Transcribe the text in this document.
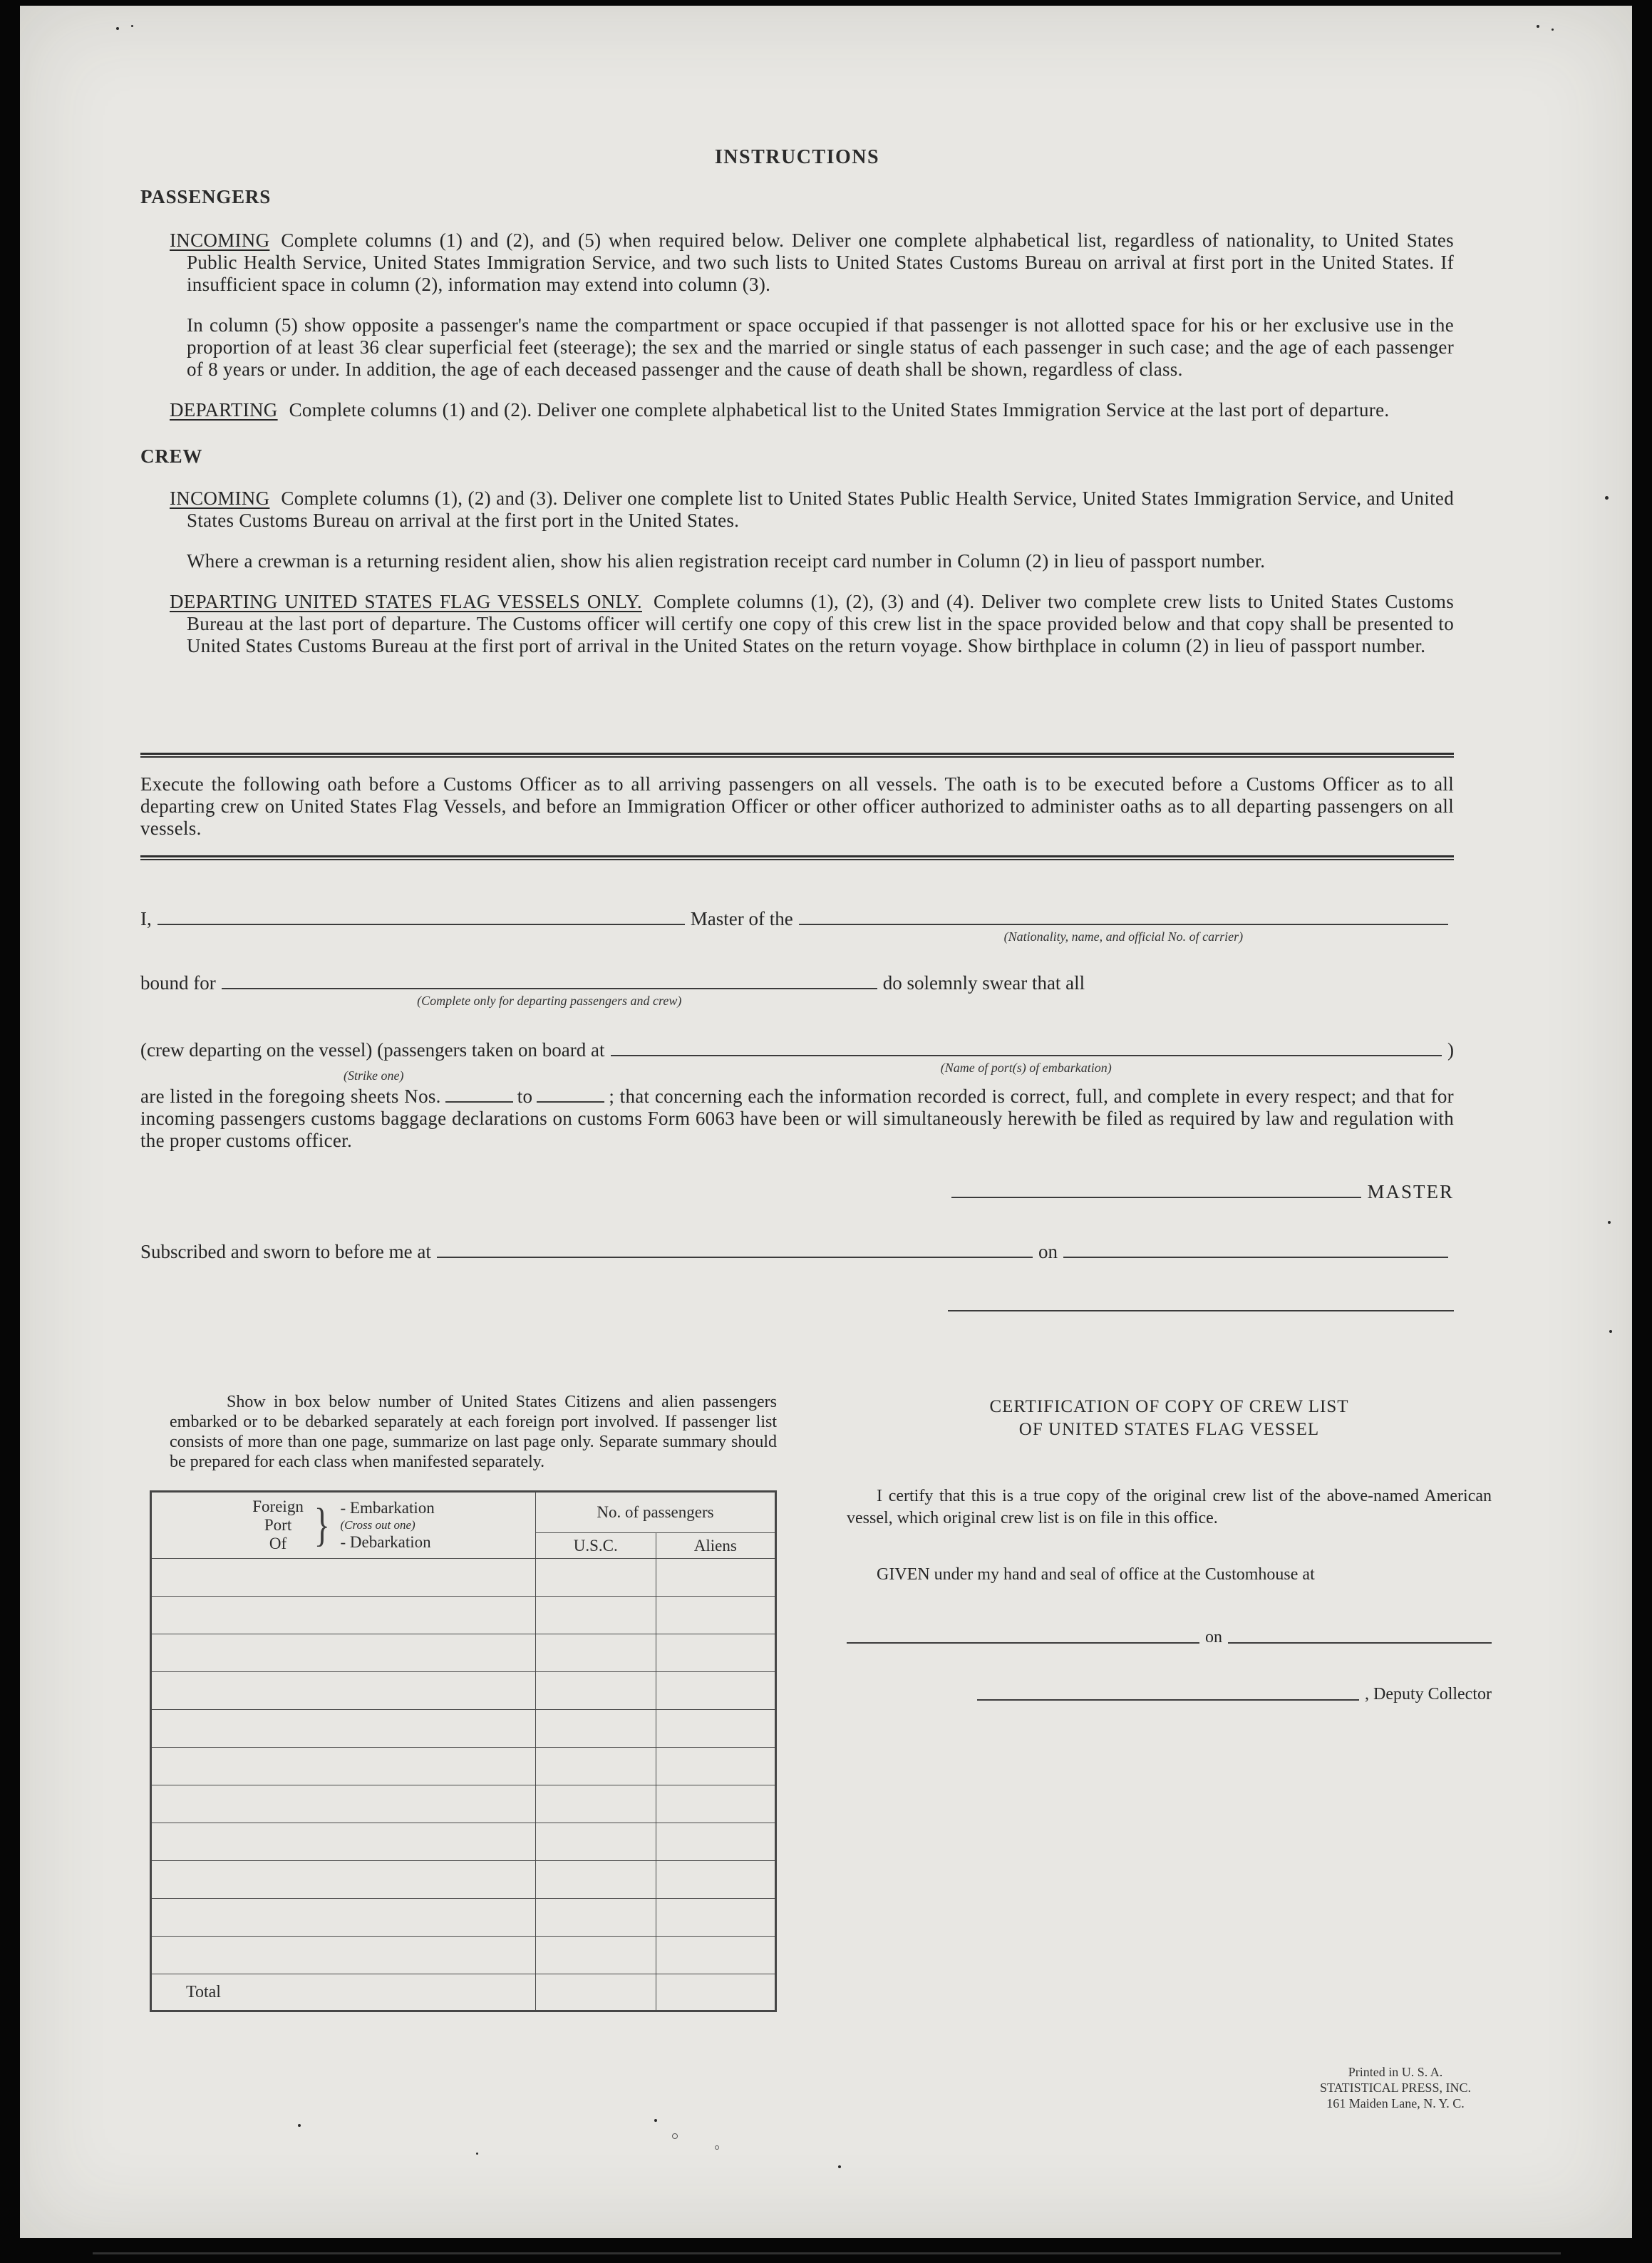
INSTRUCTIONS
PASSENGERS

INCOMING Complete columns (1) and (2), and (5) when required below. Deliver one complete alphabetical list, regardless of nationality, to United States Public Health Service, United States Immigration Service, and two such lists to United States Customs Bureau on arrival at first port in the United States. If insufficient space in column (2), information may extend into column (3).

In column (5) show opposite a passenger's name the compartment or space occupied if that passenger is not allotted space for his or her exclusive use in the proportion of at least 36 clear superficial feet (steerage); the sex and the married or single status of each passenger in such case; and the age of each passenger of 8 years or under. In addition, the age of each deceased passenger and the cause of death shall be shown, regardless of class.

DEPARTING Complete columns (1) and (2). Deliver one complete alphabetical list to the United States Immigration Service at the last port of departure.

CREW

INCOMING Complete columns (1), (2) and (3). Deliver one complete list to United States Public Health Service, United States Immigration Service, and United States Customs Bureau on arrival at the first port in the United States.

Where a crewman is a returning resident alien, show his alien registration receipt card number in Column (2) in lieu of passport number.

DEPARTING UNITED STATES FLAG VESSELS ONLY. Complete columns (1), (2), (3) and (4). Deliver two complete crew lists to United States Customs Bureau at the last port of departure. The Customs officer will certify one copy of this crew list in the space provided below and that copy shall be presented to United States Customs Bureau at the first port of arrival in the United States on the return voyage. Show birthplace in column (2) in lieu of passport number.

Execute the following oath before a Customs Officer as to all arriving passengers on all vessels. The oath is to be executed before a Customs Officer as to all departing crew on United States Flag Vessels, and before an Immigration Officer or other officer authorized to administer oaths as to all departing passengers on all vessels.

I,	Master of the
(Nationality, name, and official No. of carrier)
bound for
(Complete only for departing passengers and crew)
do solemnly swear that all
(crew departing on the vessel) (passengers taken on board at
(Name of port(s) of embarkation)
)
(Strike one)

are listed in the foregoing sheets Nos.	to	; that concerning each the information recorded is correct, full, and complete in every respect; and that for incoming passengers customs baggage declarations on customs Form 6063 have been or will simultaneously herewith be filed as required by law and regulation with the proper customs officer.

MASTER
Subscribed and sworn to before me at	on

Show in box below number of United States Citizens and alien passengers embarked or to be debarked separately at each foreign port involved. If passenger list consists of more than one page, summarize on last page only. Separate summary should be prepared for each class when manifested separately.

Foreign
Port
Of } - Embarkation
(Cross out one)
- Debarkation
	No. of passengers
	U.S.C.	Aliens

Total		
CERTIFICATION OF COPY OF CREW LIST
OF UNITED STATES FLAG VESSEL

I certify that this is a true copy of the original crew list of the above-named American vessel, which original crew list is on file in this office.

GIVEN under my hand and seal of office at the Customhouse at

on
, Deputy Collector
Printed in U. S. A.
STATISTICAL PRESS, INC.
161 Maiden Lane, N. Y. C.
